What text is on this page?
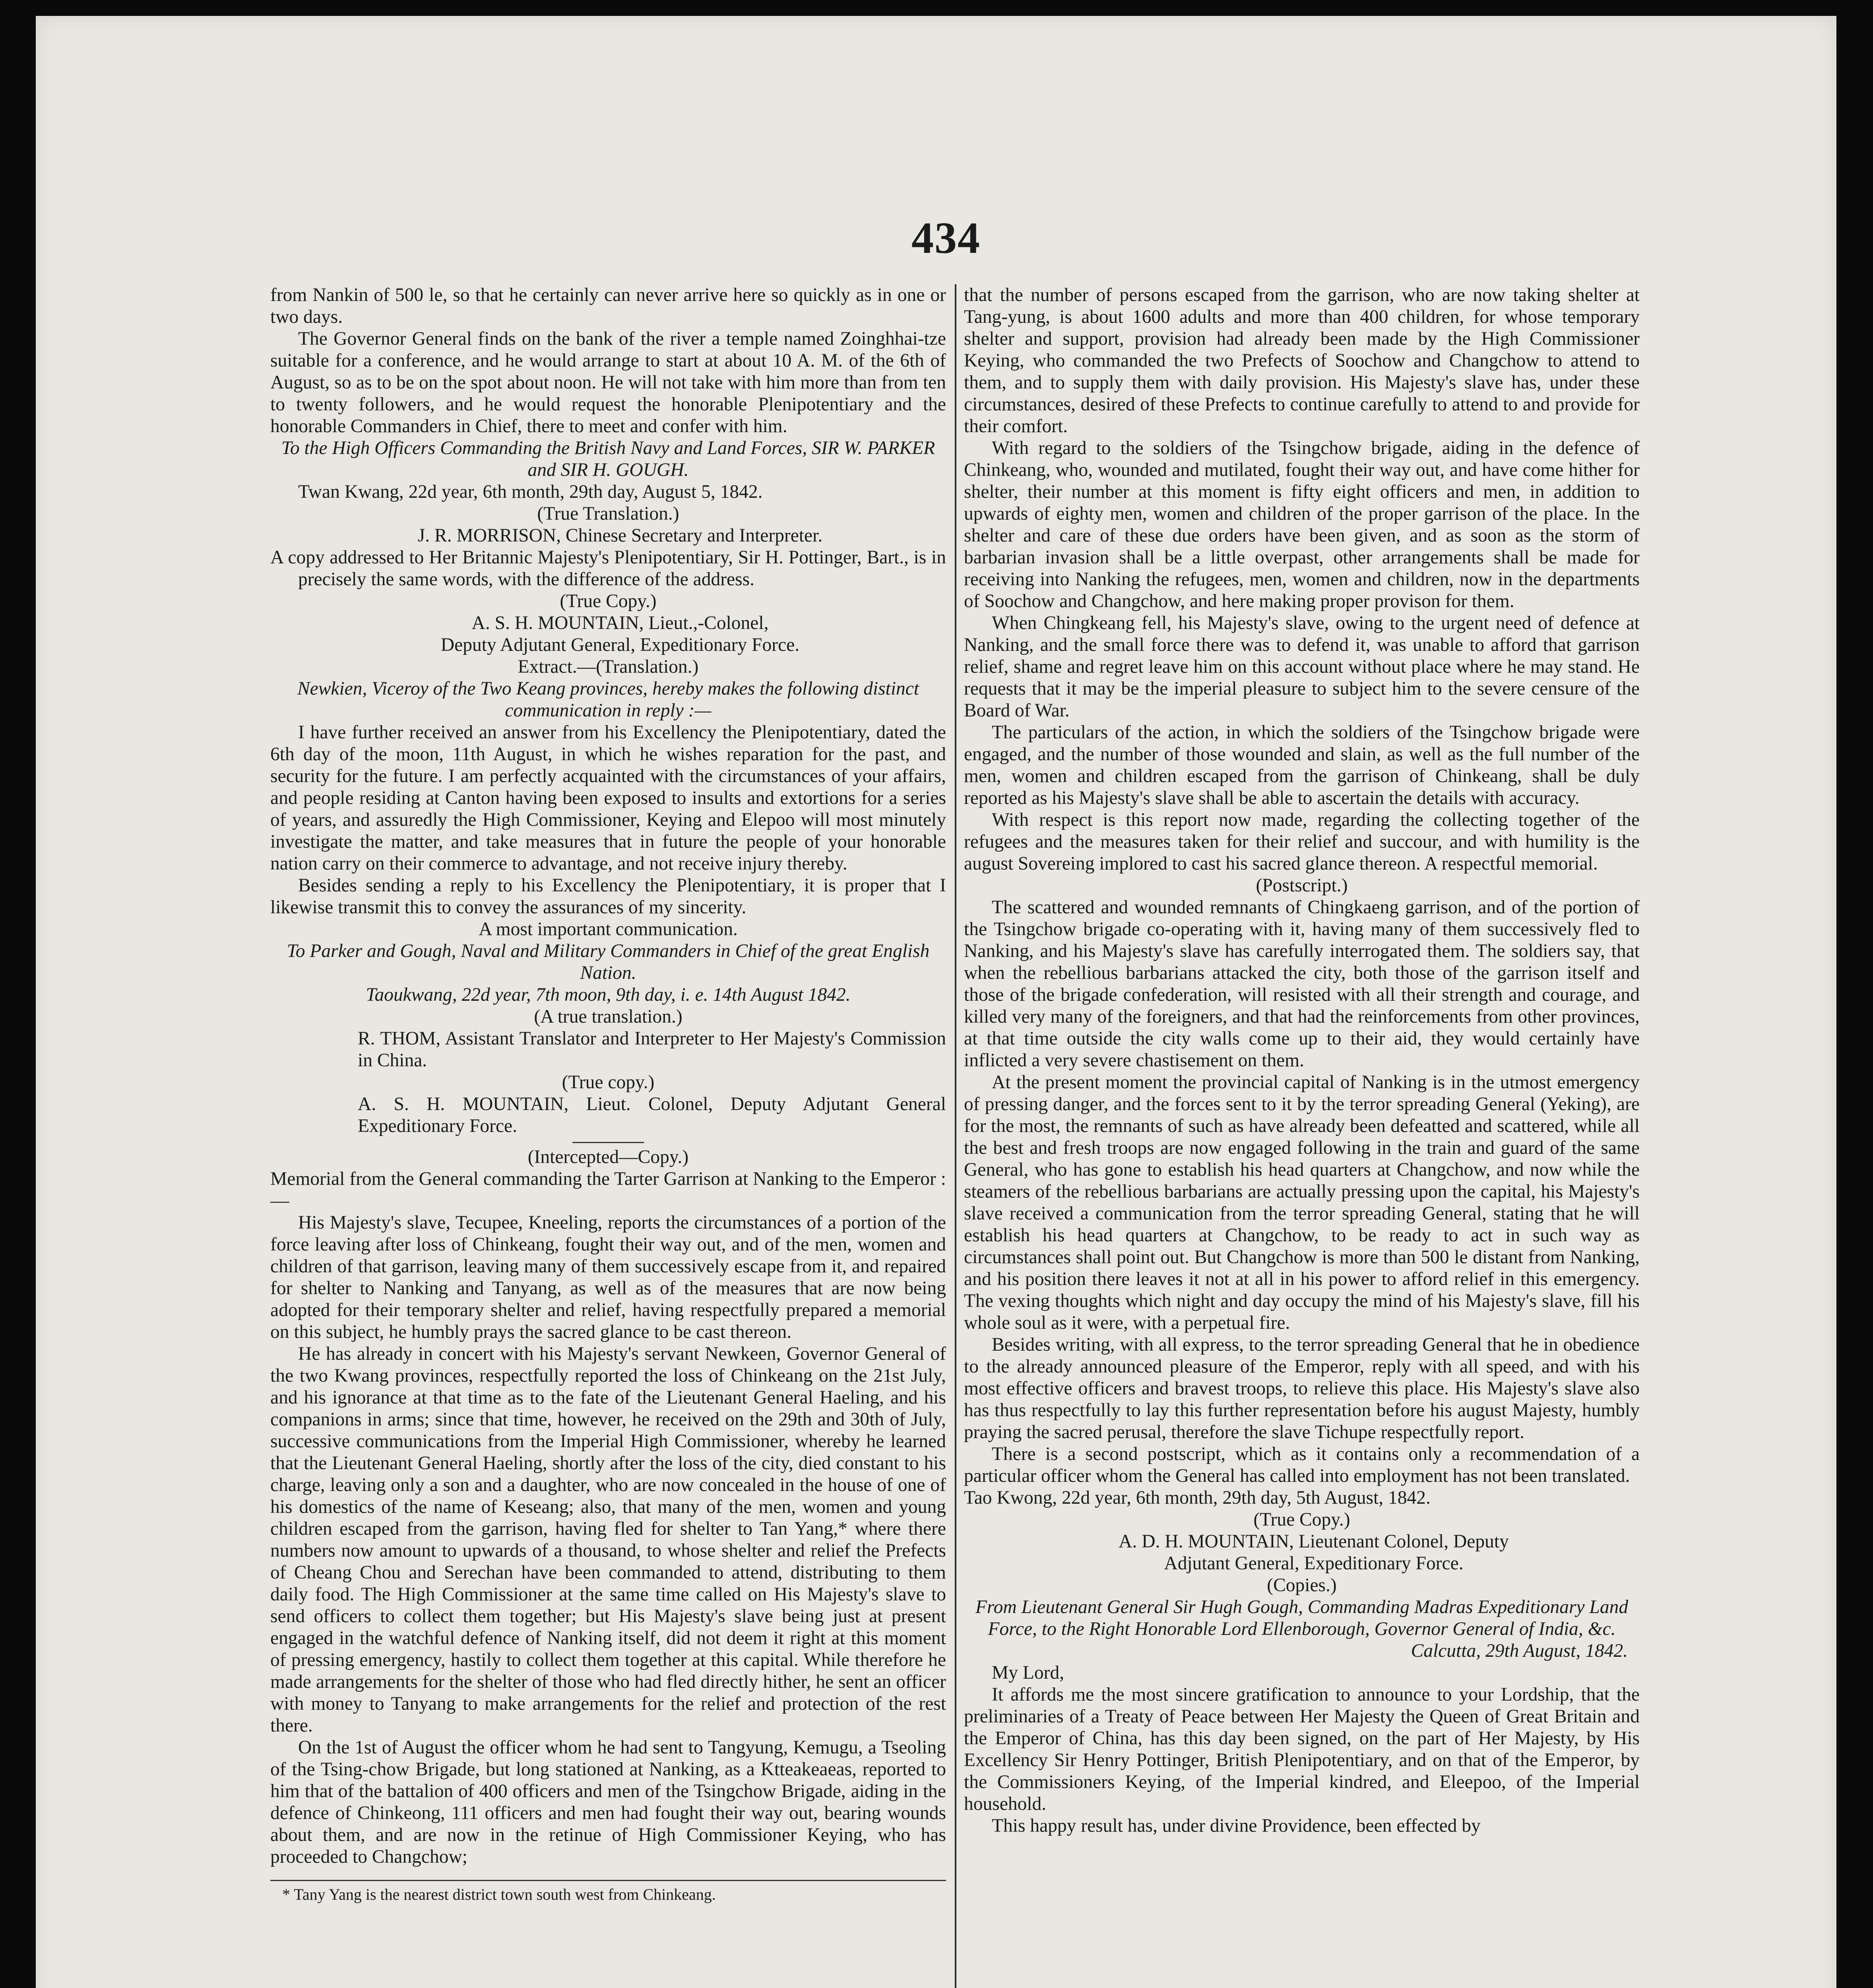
434

from Nankin of 500 le, so that he certainly can never arrive here so quickly as in one or two days.

The Governor General finds on the bank of the river a temple named Zoinghhai-tze suitable for a conference, and he would arrange to start at about 10 A. M. of the 6th of August, so as to be on the spot about noon. He will not take with him more than from ten to twenty followers, and he would request the honorable Plenipotentiary and the honorable Commanders in Chief, there to meet and confer with him.

To the High Officers Commanding the British Navy and Land Forces, SIR W. PARKER and SIR H. GOUGH.

Twan Kwang, 22d year, 6th month, 29th day, August 5, 1842.

(True Translation.)

J. R. MORRISON, Chinese Secretary and Interpreter.

A copy addressed to Her Britannic Majesty's Plenipotentiary, Sir H. Pottinger, Bart., is in precisely the same words, with the difference of the address.

(True Copy.)

A. S. H. MOUNTAIN, Lieut.,-Colonel,

Deputy Adjutant General, Expeditionary Force.

Extract.—(Translation.)

Newkien, Viceroy of the Two Keang provinces, hereby makes the following distinct communication in reply :—

I have further received an answer from his Excellency the Plenipotentiary, dated the 6th day of the moon, 11th August, in which he wishes reparation for the past, and security for the future. I am perfectly acquainted with the circumstances of your affairs, and people residing at Canton having been exposed to insults and extortions for a series of years, and assuredly the High Commissioner, Keying and Elepoo will most minutely investigate the matter, and take measures that in future the people of your honorable nation carry on their commerce to advantage, and not receive injury thereby.

Besides sending a reply to his Excellency the Plenipotentiary, it is proper that I likewise transmit this to convey the assurances of my sincerity.

A most important communication.

To Parker and Gough, Naval and Military Commanders in Chief of the great English Nation.

Taoukwang, 22d year, 7th moon, 9th day, i. e. 14th August 1842.

(A true translation.)

R. THOM, Assistant Translator and Interpreter to Her Majesty's Commission in China.

(True copy.)

A. S. H. MOUNTAIN, Lieut. Colonel, Deputy Adjutant General Expeditionary Force.

(Intercepted—Copy.)

Memorial from the General commanding the Tarter Garrison at Nanking to the Emperor :—

His Majesty's slave, Tecupee, Kneeling, reports the circumstances of a portion of the force leaving after loss of Chinkeang, fought their way out, and of the men, women and children of that garrison, leaving many of them successively escape from it, and repaired for shelter to Nanking and Tanyang, as well as of the measures that are now being adopted for their temporary shelter and relief, having respectfully prepared a memorial on this subject, he humbly prays the sacred glance to be cast thereon.

He has already in concert with his Majesty's servant Newkeen, Governor General of the two Kwang provinces, respectfully reported the loss of Chinkeang on the 21st July, and his ignorance at that time as to the fate of the Lieutenant General Haeling, and his companions in arms; since that time, however, he received on the 29th and 30th of July, successive communications from the Imperial High Commissioner, whereby he learned that the Lieutenant General Haeling, shortly after the loss of the city, died constant to his charge, leaving only a son and a daughter, who are now concealed in the house of one of his domestics of the name of Keseang; also, that many of the men, women and young children escaped from the garrison, having fled for shelter to Tan Yang,* where there numbers now amount to upwards of a thousand, to whose shelter and relief the Prefects of Cheang Chou and Serechan have been commanded to attend, distributing to them daily food. The High Commissioner at the same time called on His Majesty's slave to send officers to collect them together; but His Majesty's slave being just at present engaged in the watchful defence of Nanking itself, did not deem it right at this moment of pressing emergency, hastily to collect them together at this capital. While therefore he made arrangements for the shelter of those who had fled directly hither, he sent an officer with money to Tanyang to make arrangements for the relief and protection of the rest there.

On the 1st of August the officer whom he had sent to Tangyung, Kemugu, a Tseoling of the Tsing-chow Brigade, but long stationed at Nanking, as a Ktteakeaeas, reported to him that of the battalion of 400 officers and men of the Tsingchow Brigade, aiding in the defence of Chinkeong, 111 officers and men had fought their way out, bearing wounds about them, and are now in the retinue of High Commissioner Keying, who has proceeded to Changchow;

* Tany Yang is the nearest district town south west from Chinkeang.

that the number of persons escaped from the garrison, who are now taking shelter at Tang-yung, is about 1600 adults and more than 400 children, for whose temporary shelter and support, provision had already been made by the High Commissioner Keying, who commanded the two Prefects of Soochow and Changchow to attend to them, and to supply them with daily provision. His Majesty's slave has, under these circumstances, desired of these Prefects to continue carefully to attend to and provide for their comfort.

With regard to the soldiers of the Tsingchow brigade, aiding in the defence of Chinkeang, who, wounded and mutilated, fought their way out, and have come hither for shelter, their number at this moment is fifty eight officers and men, in addition to upwards of eighty men, women and children of the proper garrison of the place. In the shelter and care of these due orders have been given, and as soon as the storm of barbarian invasion shall be a little overpast, other arrangements shall be made for receiving into Nanking the refugees, men, women and children, now in the departments of Soochow and Changchow, and here making proper provison for them.

When Chingkeang fell, his Majesty's slave, owing to the urgent need of defence at Nanking, and the small force there was to defend it, was unable to afford that garrison relief, shame and regret leave him on this account without place where he may stand. He requests that it may be the imperial pleasure to subject him to the severe censure of the Board of War.

The particulars of the action, in which the soldiers of the Tsingchow brigade were engaged, and the number of those wounded and slain, as well as the full number of the men, women and children escaped from the garrison of Chinkeang, shall be duly reported as his Majesty's slave shall be able to ascertain the details with accuracy.

With respect is this report now made, regarding the collecting together of the refugees and the measures taken for their relief and succour, and with humility is the august Sovereing implored to cast his sacred glance thereon. A respectful memorial.

(Postscript.)

The scattered and wounded remnants of Chingkaeng garrison, and of the portion of the Tsingchow brigade co-operating with it, having many of them successively fled to Nanking, and his Majesty's slave has carefully interrogated them. The soldiers say, that when the rebellious barbarians attacked the city, both those of the garrison itself and those of the brigade confederation, will resisted with all their strength and courage, and killed very many of the foreigners, and that had the reinforcements from other provinces, at that time outside the city walls come up to their aid, they would certainly have inflicted a very severe chastisement on them.

At the present moment the provincial capital of Nanking is in the utmost emergency of pressing danger, and the forces sent to it by the terror spreading General (Yeking), are for the most, the remnants of such as have already been defeatted and scattered, while all the best and fresh troops are now engaged following in the train and guard of the same General, who has gone to establish his head quarters at Changchow, and now while the steamers of the rebellious barbarians are actually pressing upon the capital, his Majesty's slave received a communication from the terror spreading General, stating that he will establish his head quarters at Changchow, to be ready to act in such way as circumstances shall point out. But Changchow is more than 500 le distant from Nanking, and his position there leaves it not at all in his power to afford relief in this emergency. The vexing thoughts which night and day occupy the mind of his Majesty's slave, fill his whole soul as it were, with a perpetual fire.

Besides writing, with all express, to the terror spreading General that he in obedience to the already announced pleasure of the Emperor, reply with all speed, and with his most effective officers and bravest troops, to relieve this place. His Majesty's slave also has thus respectfully to lay this further representation before his august Majesty, humbly praying the sacred perusal, therefore the slave Tichupe respectfully report.

There is a second postscript, which as it contains only a recommendation of a particular officer whom the General has called into employment has not been translated.

Tao Kwong, 22d year, 6th month, 29th day, 5th August, 1842.

(True Copy.)

A. D. H. MOUNTAIN, Lieutenant Colonel, Deputy

Adjutant General, Expeditionary Force.

(Copies.)

From Lieutenant General Sir Hugh Gough, Commanding Madras Expeditionary Land Force, to the Right Honorable Lord Ellenborough, Governor General of India, &c.

Calcutta, 29th August, 1842.

My Lord,

It affords me the most sincere gratification to announce to your Lordship, that the preliminaries of a Treaty of Peace between Her Majesty the Queen of Great Britain and the Emperor of China, has this day been signed, on the part of Her Majesty, by His Excellency Sir Henry Pottinger, British Plenipotentiary, and on that of the Emperor, by the Commissioners Keying, of the Imperial kindred, and Eleepoo, of the Imperial household.

This happy result has, under divine Providence, been effected by
